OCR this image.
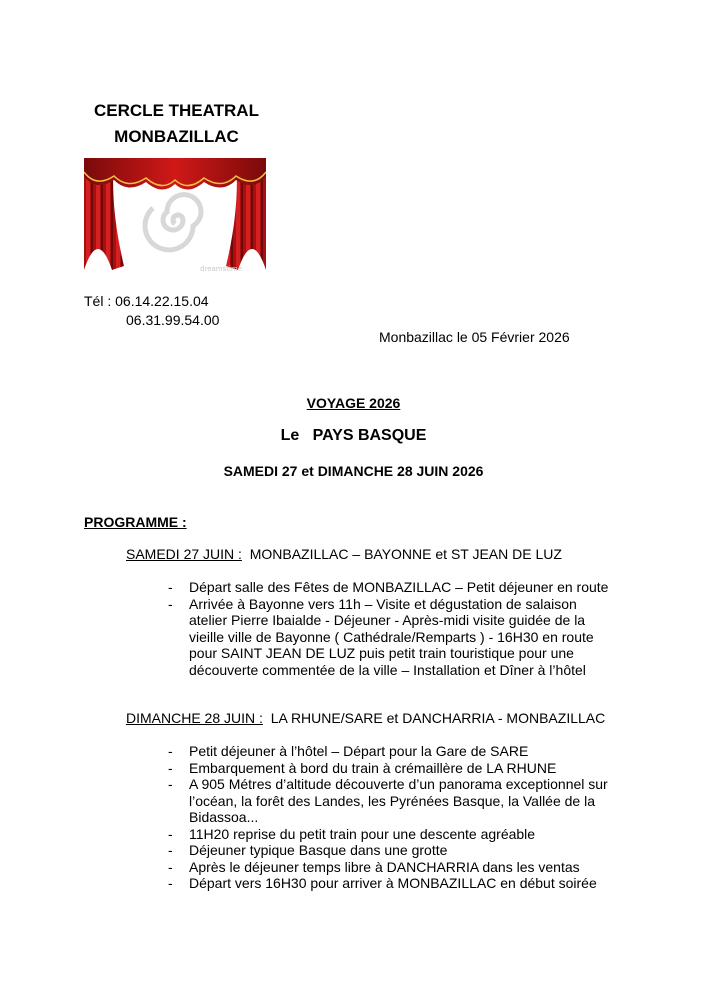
CERCLE THEATRAL
MONBAZILLAC
dreamstime
Tél : 06.14.22.15.04
06.31.99.54.00
Monbazillac le 05 Février 2026
VOYAGE 2026
Le   PAYS BASQUE
SAMEDI 27 et DIMANCHE 28 JUIN 2026
PROGRAMME :
SAMEDI 27 JUIN :  MONBAZILLAC – BAYONNE et ST JEAN DE LUZ
- Départ salle des Fêtes de MONBAZILLAC – Petit déjeuner en route
- Arrivée à Bayonne vers 11h – Visite et dégustation de salaison
atelier Pierre Ibaialde - Déjeuner - Après-midi visite guidée de la
vieille ville de Bayonne ( Cathédrale/Remparts ) - 16H30 en route
pour SAINT JEAN DE LUZ puis petit train touristique pour une
découverte commentée de la ville – Installation et Dîner à l’hôtel
DIMANCHE 28 JUIN :  LA RHUNE/SARE et DANCHARRIA - MONBAZILLAC
- Petit déjeuner à l’hôtel – Départ pour la Gare de SARE
- Embarquement à bord du train à crémaillère de LA RHUNE
- A 905 Métres d’altitude découverte d’un panorama exceptionnel sur
l’océan, la forêt des Landes, les Pyrénées Basque, la Vallée de la
Bidassoa...
- 11H20 reprise du petit train pour une descente agréable
- Déjeuner typique Basque dans une grotte
- Après le déjeuner temps libre à DANCHARRIA dans les ventas
- Départ vers 16H30 pour arriver à MONBAZILLAC en début soirée
